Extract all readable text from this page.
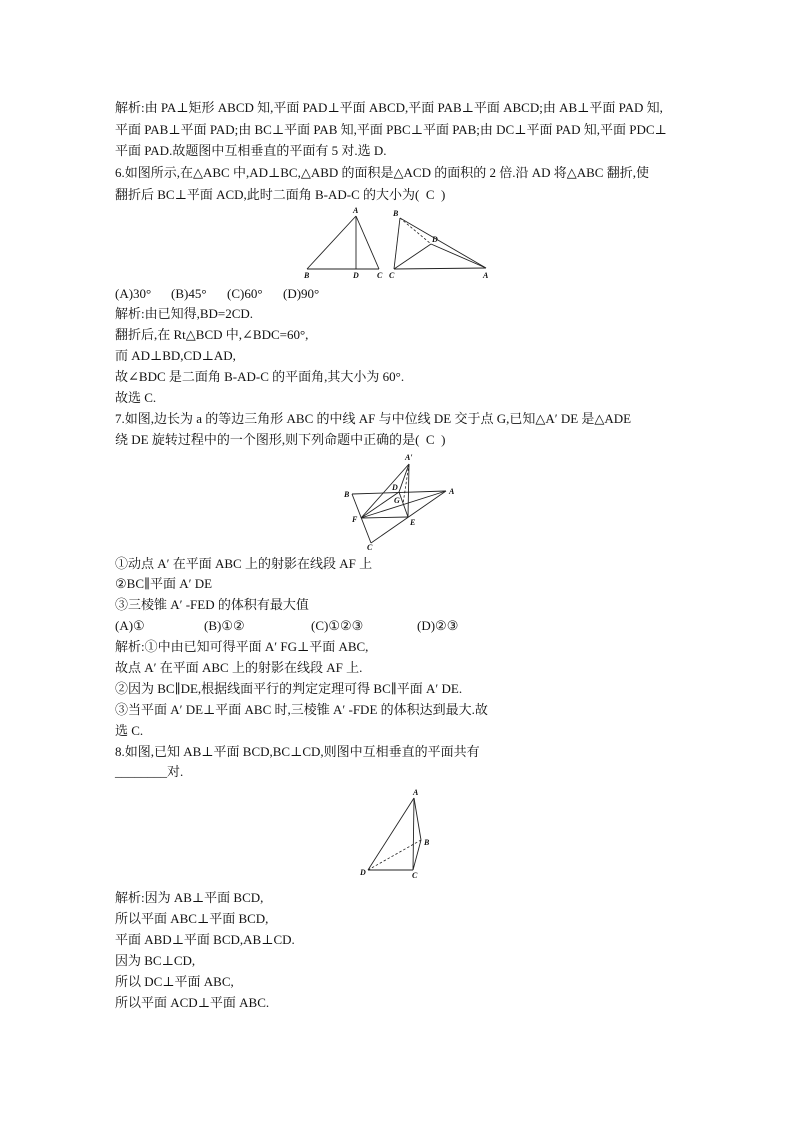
解析:由 PA⊥矩形 ABCD 知,平面 PAD⊥平面 ABCD,平面 PAB⊥平面 ABCD;由 AB⊥平面 PAD 知,
平面 PAB⊥平面 PAD;由 BC⊥平面 PAB 知,平面 PBC⊥平面 PAB;由 DC⊥平面 PAD 知,平面 PDC⊥
平面 PAD.故题图中互相垂直的平面有 5 对.选 D.
6.如图所示,在△ABC 中,AD⊥BC,△ABD 的面积是△ACD 的面积的 2 倍.沿 AD 将△ABC 翻折,使
翻折后 BC⊥平面 ACD,此时二面角 B-AD-C 的大小为(  C  )
A
B	D C
B
C
D
A

(A)30°

(B)45°

(C)60°

(D)90°

解析:由已知得,BD=2CD.
翻折后,在 Rt△BCD 中,∠BDC=60°,
而 AD⊥BD,CD⊥AD,
故∠BDC 是二面角 B-AD-C 的平面角,其大小为 60°.
故选 C.
7.如图,边长为 a 的等边三角形 ABC 的中线 AF 与中位线 DE 交于点 G,已知△A′ DE 是△ADE
绕 DE 旋转过程中的一个图形,则下列命题中正确的是(  C  )
A′
B	A
F	E
C
D
G
①动点 A′ 在平面 ABC 上的射影在线段 AF 上
②BC∥平面 A′ DE
③三棱锥 A′ -FED 的体积有最大值

(A)①

	(B)①②

	(C)①②③

	(D)②③

解析:①中由已知可得平面 A′ FG⊥平面 ABC,
故点 A′ 在平面 ABC 上的射影在线段 AF 上.
②因为 BC∥DE,根据线面平行的判定定理可得 BC∥平面 A′ DE.
③当平面 A′ DE⊥平面 ABC 时,三棱锥 A′ -FDE 的体积达到最大.故
选 C.
8.如图,已知 AB⊥平面 BCD,BC⊥CD,则图中互相垂直的平面共有
________对.
A
B
D	C
解析:因为 AB⊥平面 BCD,
所以平面 ABC⊥平面 BCD,
平面 ABD⊥平面 BCD,AB⊥CD.
因为 BC⊥CD,
所以 DC⊥平面 ABC,
所以平面 ACD⊥平面 ABC.
